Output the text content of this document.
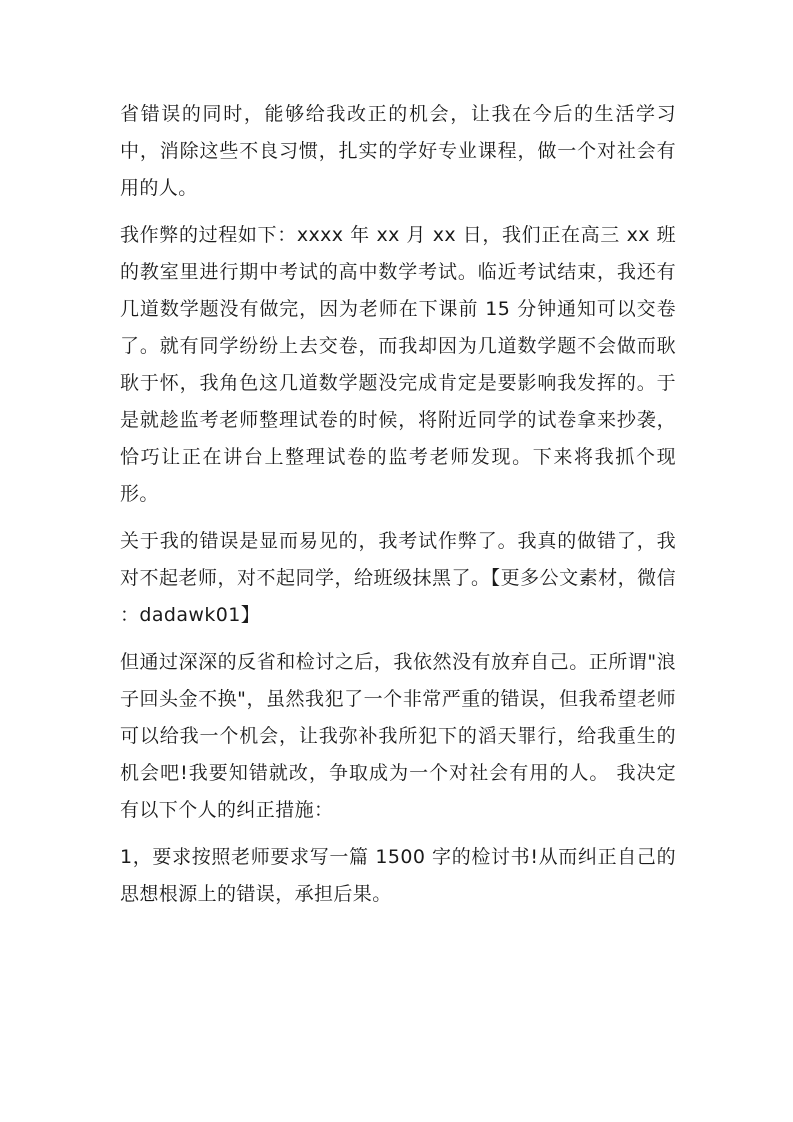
省错误的同时，能够给我改正的机会，让我在今后的生活学习中，消除这些不良习惯，扎实的学好专业课程，做一个对社会有用的人。

我作弊的过程如下：xxxx 年 xx 月 xx 日，我们正在高三 xx 班的教室里进行期中考试的高中数学考试。临近考试结束，我还有几道数学题没有做完，因为老师在下课前 15 分钟通知可以交卷了。就有同学纷纷上去交卷，而我却因为几道数学题不会做而耿耿于怀，我角色这几道数学题没完成肯定是要影响我发挥的。于是就趁监考老师整理试卷的时候，将附近同学的试卷拿来抄袭，恰巧让正在讲台上整理试卷的监考老师发现。下来将我抓个现形。

关于我的错误是显而易见的，我考试作弊了。我真的做错了，我对不起老师，对不起同学，给班级抹黑了。【更多公文素材，微信 ：dadawk01】

但通过深深的反省和检讨之后，我依然没有放弃自己。正所谓"浪子回头金不换"，虽然我犯了一个非常严重的错误，但我希望老师可以给我一个机会，让我弥补我所犯下的滔天罪行，给我重生的机会吧!我要知错就改，争取成为一个对社会有用的人。 我决定有以下个人的纠正措施：

1，要求按照老师要求写一篇 1500 字的检讨书!从而纠正自己的思想根源上的错误，承担后果。
